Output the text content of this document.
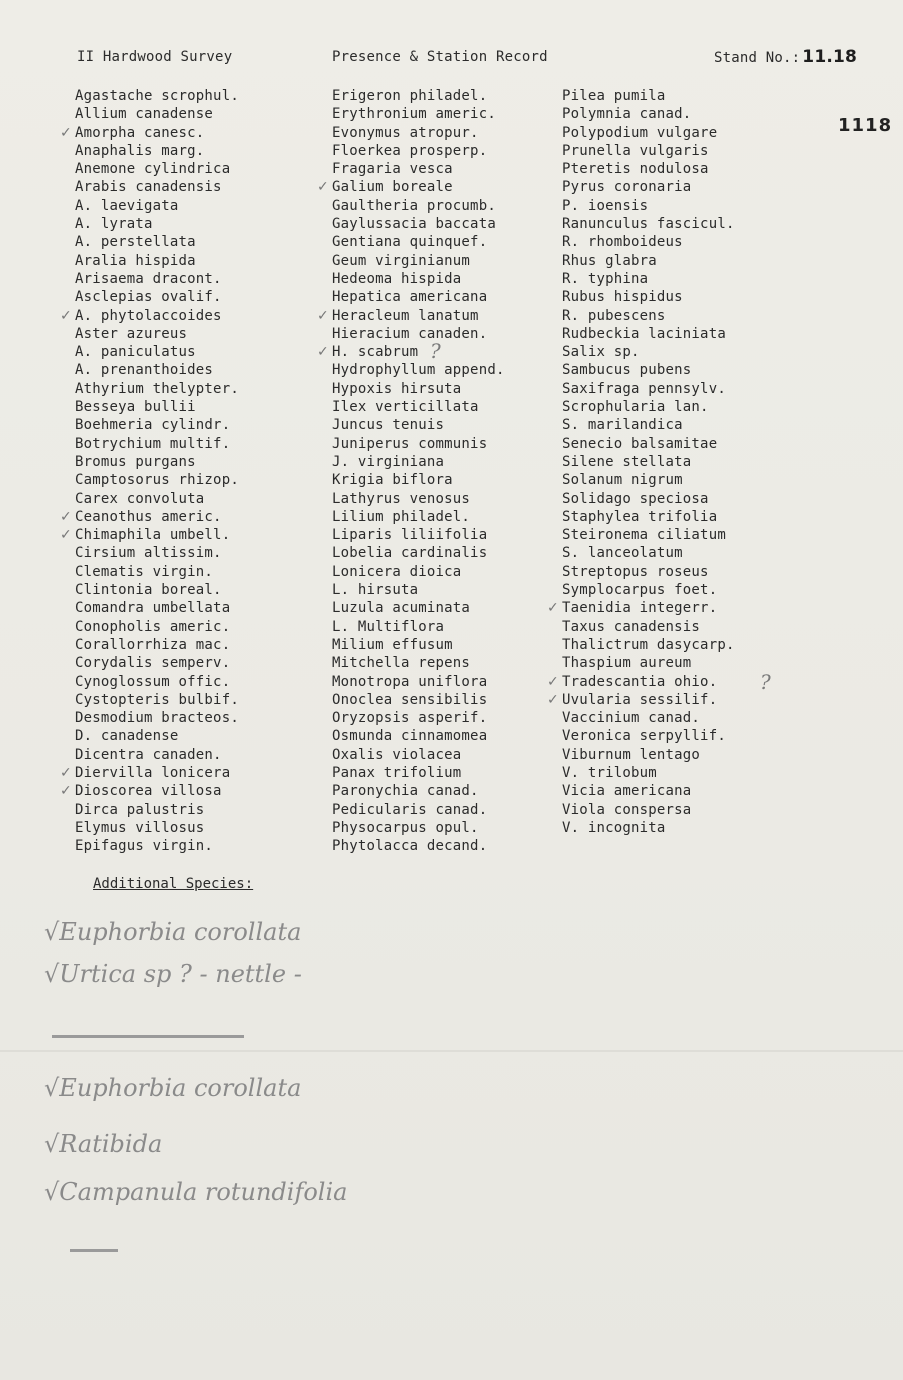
II Hardwood Survey	Presence & Station Record	Stand No.: 11.18
1118
Agastache scrophul.
Allium canadense
✓ Amorpha canesc.
Anaphalis marg.
Anemone cylindrica
Arabis canadensis
A. laevigata
A. lyrata
A. perstellata
Aralia hispida
Arisaema dracont.
Asclepias ovalif.
✓ A. phytolaccoides
Aster azureus
A. paniculatus
A. prenanthoides
Athyrium thelypter.
Besseya bullii
Boehmeria cylindr.
Botrychium multif.
Bromus purgans
Camptosorus rhizop.
Carex convoluta
✓ Ceanothus americ.
✓ Chimaphila umbell.
Cirsium altissim.
Clematis virgin.
Clintonia boreal.
Comandra umbellata
Conopholis americ.
Corallorrhiza mac.
Corydalis semperv.
Cynoglossum offic.
Cystopteris bulbif.
Desmodium bracteos.
D. canadense
Dicentra canaden.
✓ Diervilla lonicera
✓ Dioscorea villosa
Dirca palustris
Elymus villosus
Epifagus virgin.
Erigeron philadel.
Erythronium americ.
Evonymus atropur.
Floerkea prosperp.
Fragaria vesca
✓ Galium boreale
Gaultheria procumb.
Gaylussacia baccata
Gentiana quinquef.
Geum virginianum
Hedeoma hispida
Hepatica americana
✓ Heracleum lanatum
Hieracium canaden.
✓ H. scabrum
Hydrophyllum append.
Hypoxis hirsuta
Ilex verticillata
Juncus tenuis
Juniperus communis
J. virginiana
Krigia biflora
Lathyrus venosus
Lilium philadel.
Liparis liliifolia
Lobelia cardinalis
Lonicera dioica
L. hirsuta
Luzula acuminata
L. Multiflora
Milium effusum
Mitchella repens
Monotropa uniflora
Onoclea sensibilis
Oryzopsis asperif.
Osmunda cinnamomea
Oxalis violacea
Panax trifolium
Paronychia canad.
Pedicularis canad.
Physocarpus opul.
Phytolacca decand.
Pilea pumila
Polymnia canad.
Polypodium vulgare
Prunella vulgaris
Pteretis nodulosa
Pyrus coronaria
P. ioensis
Ranunculus fascicul.
R. rhomboideus
Rhus glabra
R. typhina
Rubus hispidus
R. pubescens
Rudbeckia laciniata
Salix sp.
Sambucus pubens
Saxifraga pennsylv.
Scrophularia lan.
S. marilandica
Senecio balsamitae
Silene stellata
Solanum nigrum
Solidago speciosa
Staphylea trifolia
Steironema ciliatum
S. lanceolatum
Streptopus roseus
Symplocarpus foet.
✓ Taenidia integerr.
Taxus canadensis
Thalictrum dasycarp.
Thaspium aureum
✓ Tradescantia ohio.
✓ Uvularia sessilif.
Vaccinium canad.
Veronica serpyllif.
Viburnum lentago
V. trilobum
Vicia americana
Viola conspersa
V. incognita
?
?
Additional Species:
√Euphorbia corollata
√Urtica sp ? - nettle -

√Euphorbia corollata
√Ratibida
√Campanula rotundifolia
